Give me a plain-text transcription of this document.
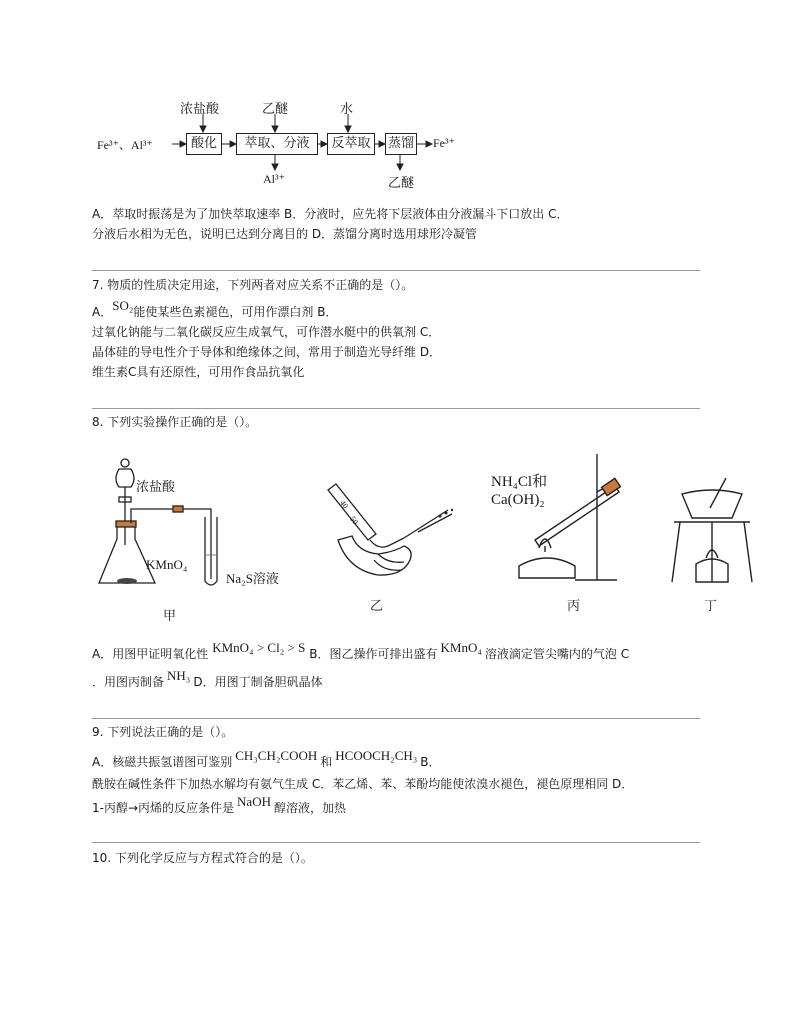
浓盐酸	乙醚	水
Fe³⁺、Al³⁺	酸化	萃取、分液	反萃取	蒸馏 Fe³⁺
Al³⁺	乙醚
A．萃取时振荡是为了加快萃取速率 B．分液时，应先将下层液体由分液漏斗下口放出 C．
分液后水相为无色，说明已达到分离目的 D．蒸馏分离时选用球形冷凝管
7. 物质的性质决定用途，下列两者对应关系不正确的是（）。
A．SO₂能使某些色素褪色，可用作漂白剂 B．
过氧化钠能与二氧化碳反应生成氧气，可作潜水艇中的供氧剂 C．
晶体硅的导电性介于导体和绝缘体之间，常用于制造光导纤维 D．
维生素C具有还原性，可用作食品抗氧化
8. 下列实验操作正确的是（）。
浓盐酸
KMnO₄
Na₂S溶液
甲
40
50
乙
NH₄Cl和
Ca(OH)₂
丙	丁
A．用图甲证明氧化性 KMnO₄ > Cl₂ > S B．图乙操作可排出盛有 KMnO₄ 溶液滴定管尖嘴内的气泡 C
．用图丙制备 NH₃ D．用图丁制备胆矾晶体
9. 下列说法正确的是（）。
A．核磁共振氢谱图可鉴别 CH₃CH₂COOH 和 HCOOCH₂CH₃ B．
酰胺在碱性条件下加热水解均有氨气生成 C．苯乙烯、苯、苯酚均能使浓溴水褪色，褪色原理相同 D．
1-丙醇→丙烯的反应条件是 NaOH 醇溶液，加热
10. 下列化学反应与方程式符合的是（）。
